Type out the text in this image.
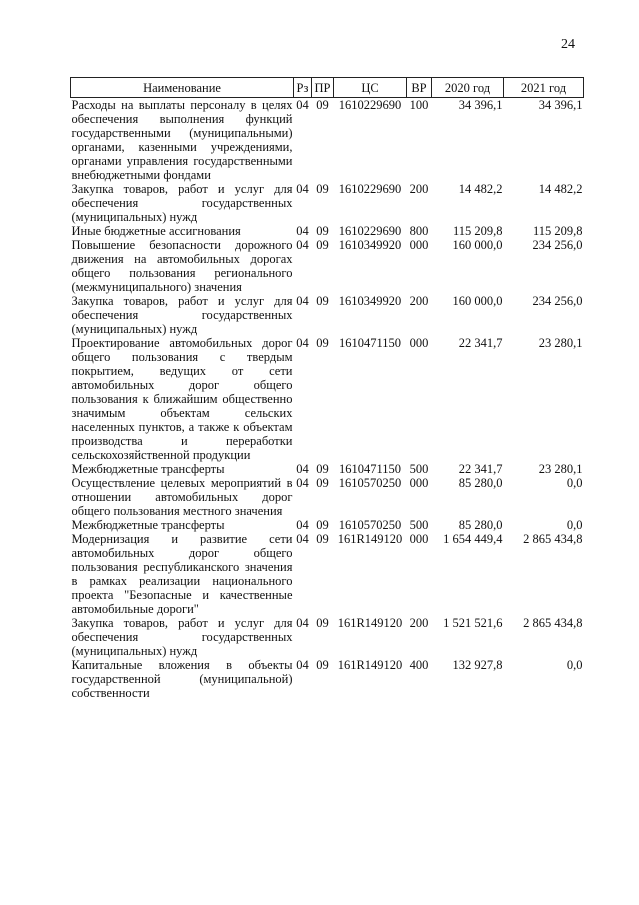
24
Наименование	Рз	ПР	ЦС	ВР	2020 год	2021 год
Расходы на выплаты персоналу в целях обеспечения выполнения функций государственными (муниципальными) органами, казенными учреждениями, органами управления государственными внебюджетными фондами	04	09	1610229690	100	34 396,1	34 396,1
Закупка товаров, работ и услуг для обеспечения государственных (муниципальных) нужд	04	09	1610229690	200	14 482,2	14 482,2
Иные бюджетные ассигнования	04	09	1610229690	800	115 209,8	115 209,8
Повышение безопасности дорожного движения на автомобильных дорогах общего пользования регионального (межмуниципального) значения	04	09	1610349920	000	160 000,0	234 256,0
Закупка товаров, работ и услуг для обеспечения государственных (муниципальных) нужд	04	09	1610349920	200	160 000,0	234 256,0
Проектирование автомобильных дорог общего пользования с твердым покрытием, ведущих от сети автомобильных дорог общего пользования к ближайшим общественно значимым объектам сельских населенных пунктов, а также к объектам производства и переработки сельскохозяйственной продукции	04	09	1610471150	000	22 341,7	23 280,1
Межбюджетные трансферты	04	09	1610471150	500	22 341,7	23 280,1
Осуществление целевых мероприятий в отношении автомобильных дорог общего пользования местного значения	04	09	1610570250	000	85 280,0	0,0
Межбюджетные трансферты	04	09	1610570250	500	85 280,0	0,0
Модернизация и развитие сети автомобильных дорог общего пользования республиканского значения в рамках реализации национального проекта "Безопасные и качественные автомобильные дороги"	04	09	161R149120	000	1 654 449,4	2 865 434,8
Закупка товаров, работ и услуг для обеспечения государственных (муниципальных) нужд	04	09	161R149120	200	1 521 521,6	2 865 434,8
Капитальные вложения в объекты государственной (муниципальной) собственности	04	09	161R149120	400	132 927,8	0,0
